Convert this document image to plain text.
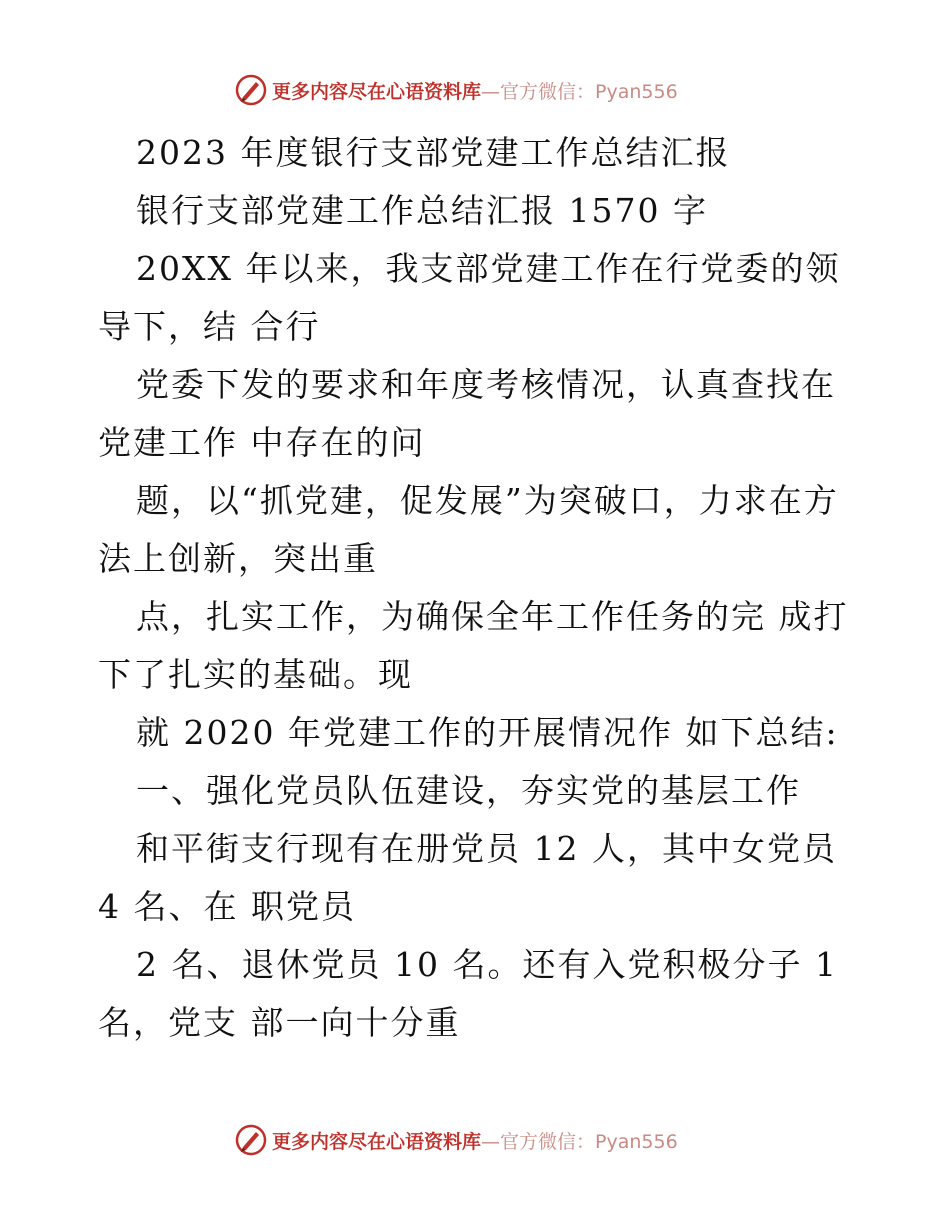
更多内容尽在心语资料库—官方微信：Pyan556

2023 年度银行支部党建工作总结汇报

银行支部党建工作总结汇报 1570 字

20XX 年以来，我支部党建工作在行党委的领导下，结 合行

党委下发的要求和年度考核情况，认真查找在党建工作 中存在的问

题，以“抓党建，促发展”为突破口，力求在方法上创新，突出重

点，扎实工作，为确保全年工作任务的完 成打下了扎实的基础。现

就 2020 年党建工作的开展情况作 如下总结:

一、强化党员队伍建设，夯实党的基层工作

和平街支行现有在册党员 12 人，其中女党员 4 名、在 职党员

2 名、退休党员 10 名。还有入党积极分子 1 名，党支 部一向十分重

更多内容尽在心语资料库—官方微信：Pyan556
